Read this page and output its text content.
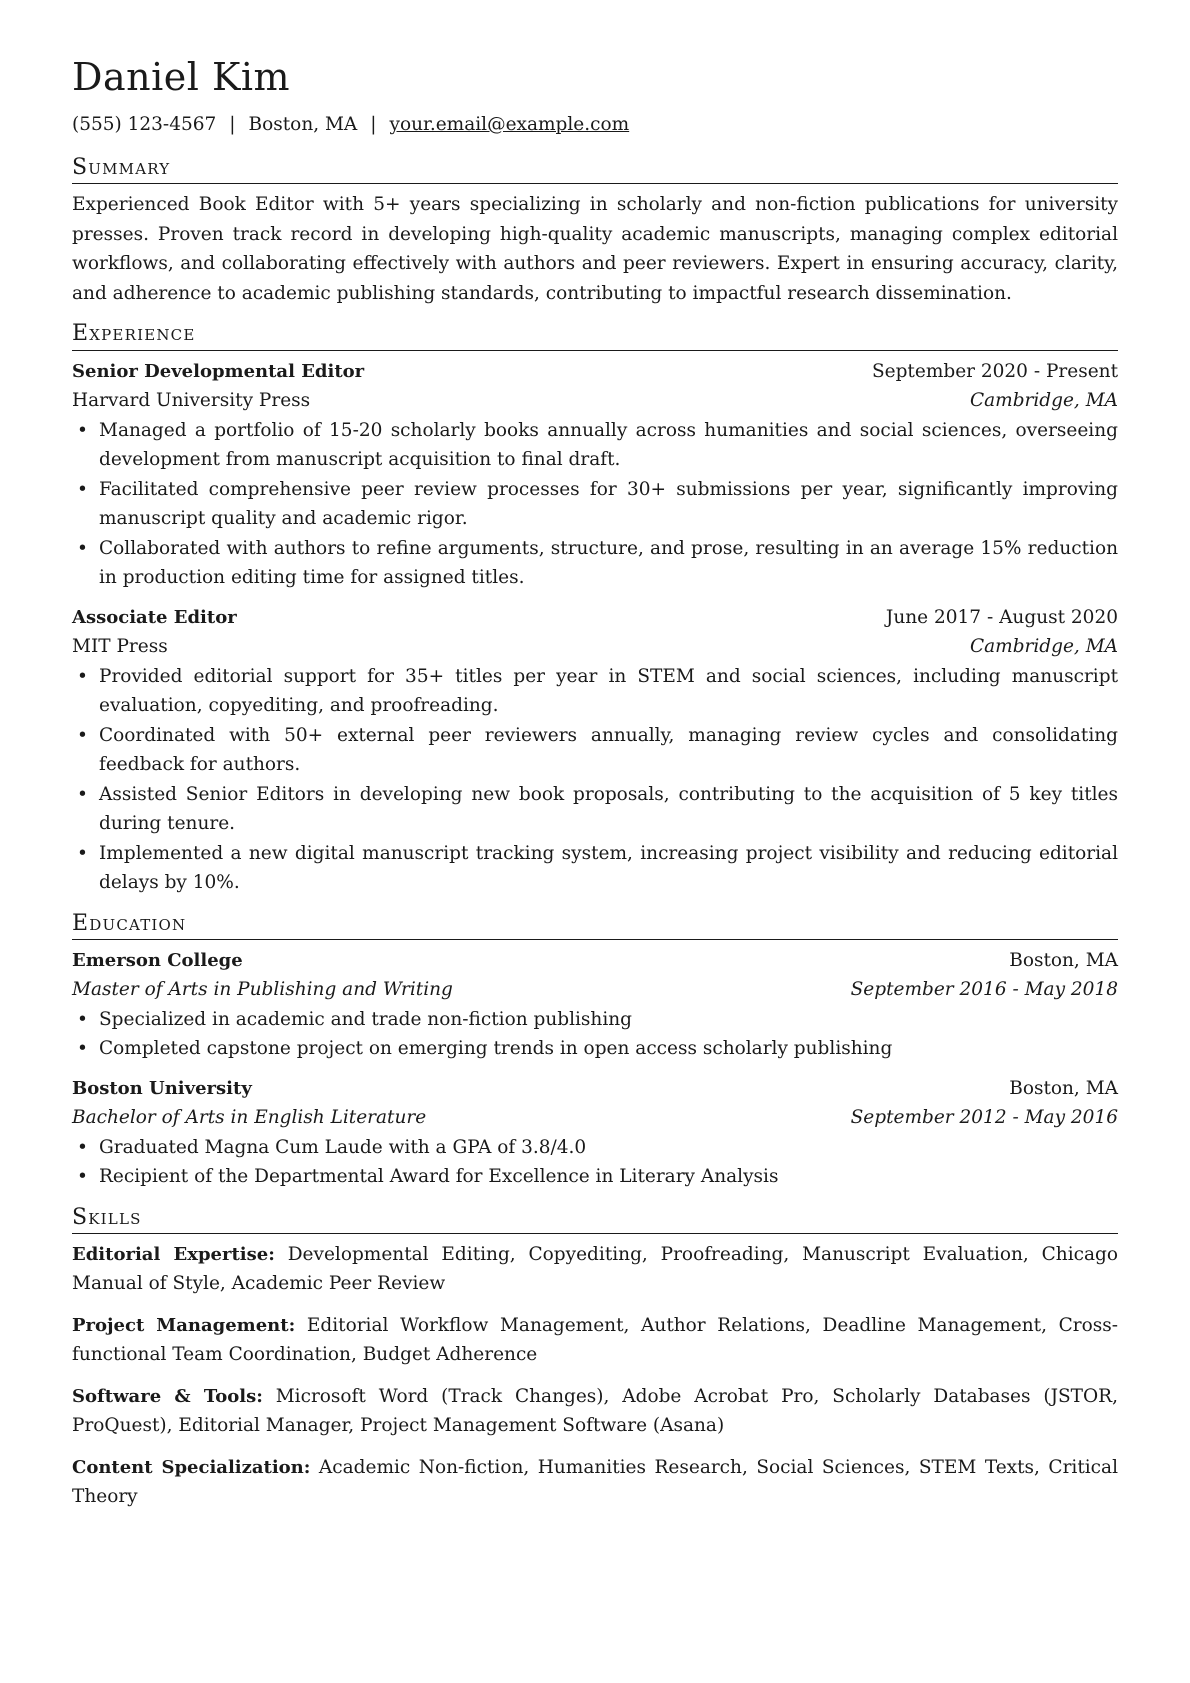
Daniel Kim
(555) 123-4567 | Boston, MA | your.email@example.com
Summary

Experienced Book Editor with 5+ years specializing in scholarly and non-fiction publications for university presses. Proven track record in developing high-quality academic manuscripts, managing complex editorial workflows, and collaborating effectively with authors and peer reviewers. Expert in ensuring accuracy, clarity, and adherence to academic publishing standards, contributing to impactful research dissemination.

Experience
Senior Developmental Editor	September 2020 - Present
Harvard University Press	Cambridge, MA
• Managed a portfolio of 15-20 scholarly books annually across humanities and social sciences, overseeing development from manuscript acquisition to final draft.
• Facilitated comprehensive peer review processes for 30+ submissions per year, significantly improving manuscript quality and academic rigor.
• Collaborated with authors to refine arguments, structure, and prose, resulting in an average 15% reduction in production editing time for assigned titles.
Associate Editor	June 2017 - August 2020
MIT Press	Cambridge, MA
• Provided editorial support for 35+ titles per year in STEM and social sciences, including manuscript evaluation, copyediting, and proofreading.
• Coordinated with 50+ external peer reviewers annually, managing review cycles and consolidating feedback for authors.
• Assisted Senior Editors in developing new book proposals, contributing to the acquisition of 5 key titles during tenure.
• Implemented a new digital manuscript tracking system, increasing project visibility and reducing editorial delays by 10%.
Education
Emerson College	Boston, MA
Master of Arts in Publishing and Writing	September 2016 - May 2018
• Specialized in academic and trade non-fiction publishing
• Completed capstone project on emerging trends in open access scholarly publishing
Boston University	Boston, MA
Bachelor of Arts in English Literature	September 2012 - May 2016
• Graduated Magna Cum Laude with a GPA of 3.8/4.0
• Recipient of the Departmental Award for Excellence in Literary Analysis
Skills
Editorial Expertise: Developmental Editing, Copyediting, Proofreading, Manuscript Evaluation, Chicago Manual of Style, Academic Peer Review
Project Management: Editorial Workflow Management, Author Relations, Deadline Management, Cross-functional Team Coordination, Budget Adherence
Software & Tools: Microsoft Word (Track Changes), Adobe Acrobat Pro, Scholarly Databases (JSTOR, ProQuest), Editorial Manager, Project Management Software (Asana)
Content Specialization: Academic Non-fiction, Humanities Research, Social Sciences, STEM Texts, Critical Theory
